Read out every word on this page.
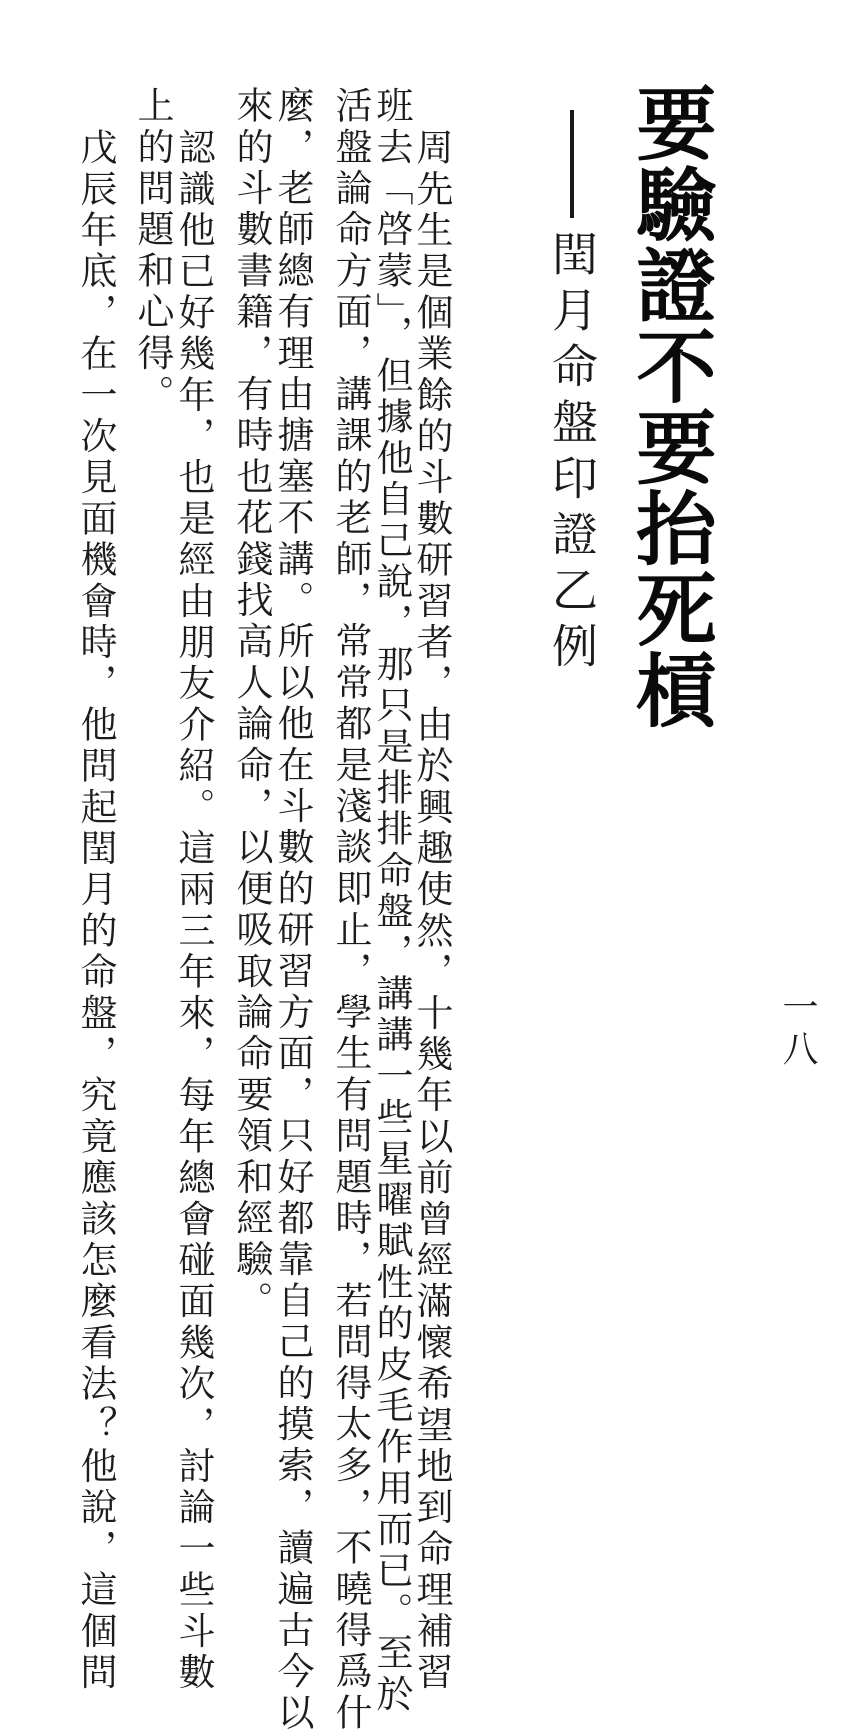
要驗證不要抬死槓
閏月命盤印證乙例
周先生是個業餘的斗數研習者，由於興趣使然，十幾年以前曾經滿懷希望地到命理補習
班去「啓蒙」，但據他自己說，那只是排排命盤，講講一些星曜賦性的皮毛作用而已。至於
活盤論命方面，講課的老師，常常都是淺談即止，學生有問題時，若問得太多，不曉得爲什
麼，老師總有理由搪塞不講。所以他在斗數的研習方面，只好都靠自己的摸索，讀遍古今以
來的斗數書籍，有時也花錢找高人論命，以便吸取論命要領和經驗。
認識他已好幾年，也是經由朋友介紹。這兩三年來，每年總會碰面幾次，討論一些斗數
上的問題和心得。
戊辰年底，在一次見面機會時，他問起閏月的命盤，究竟應該怎麼看法？他說，這個問	一八
